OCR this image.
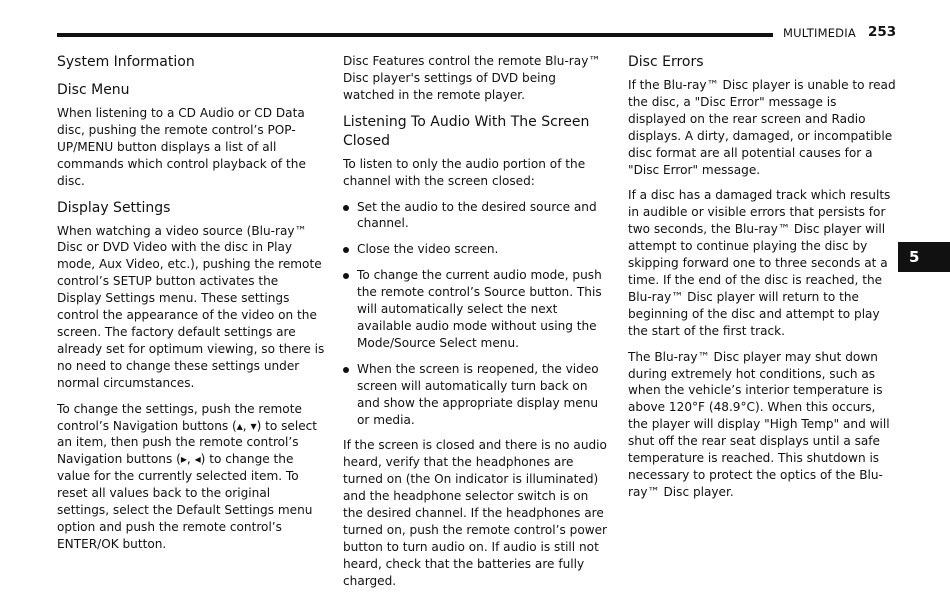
MULTIMEDIA 253
5
System Information
Disc Menu

When listening to a CD Audio or CD Data disc, pushing the remote control’s POP-UP/MENU button displays a list of all commands which control playback of the disc.

Display Settings

When watching a video source (Blu-ray™ Disc or DVD Video with the disc in Play mode, Aux Video, etc.), pushing the remote control’s SETUP button activates the Display Settings menu. These settings control the appearance of the video on the screen. The factory default settings are already set for optimum viewing, so there is no need to change these settings under normal circumstances.

To change the settings, push the remote control’s Navigation buttons (▴, ▾) to select an item, then push the remote control’s Navigation buttons (▸, ◂) to change the value for the currently selected item. To reset all values back to the original settings, select the Default Settings menu option and push the remote control’s ENTER/OK button.

Disc Features control the remote Blu-ray™ Disc player's settings of DVD being watched in the remote player.

Listening To Audio With The Screen Closed

To listen to only the audio portion of the channel with the screen closed:

Set the audio to the desired source and channel.
Close the video screen.
To change the current audio mode, push the remote control’s Source button. This will automatically select the next available audio mode without using the Mode/Source Select menu.
When the screen is reopened, the video screen will automatically turn back on and show the appropriate display menu or media.

If the screen is closed and there is no audio heard, verify that the headphones are turned on (the On indicator is illuminated) and the headphone selector switch is on the desired channel. If the headphones are turned on, push the remote control’s power button to turn audio on. If audio is still not heard, check that the batteries are fully charged.

Disc Errors

If the Blu-ray™ Disc player is unable to read the disc, a "Disc Error" message is displayed on the rear screen and Radio displays. A dirty, damaged, or incompatible disc format are all potential causes for a "Disc Error" message.

If a disc has a damaged track which results in audible or visible errors that persists for two seconds, the Blu-ray™ Disc player will attempt to continue playing the disc by skipping forward one to three seconds at a time. If the end of the disc is reached, the Blu-ray™ Disc player will return to the beginning of the disc and attempt to play the start of the first track.

The Blu-ray™ Disc player may shut down during extremely hot conditions, such as when the vehicle’s interior temperature is above 120°F (48.9°C). When this occurs, the player will display "High Temp" and will shut off the rear seat displays until a safe temperature is reached. This shutdown is necessary to protect the optics of the Blu-ray™ Disc player.
